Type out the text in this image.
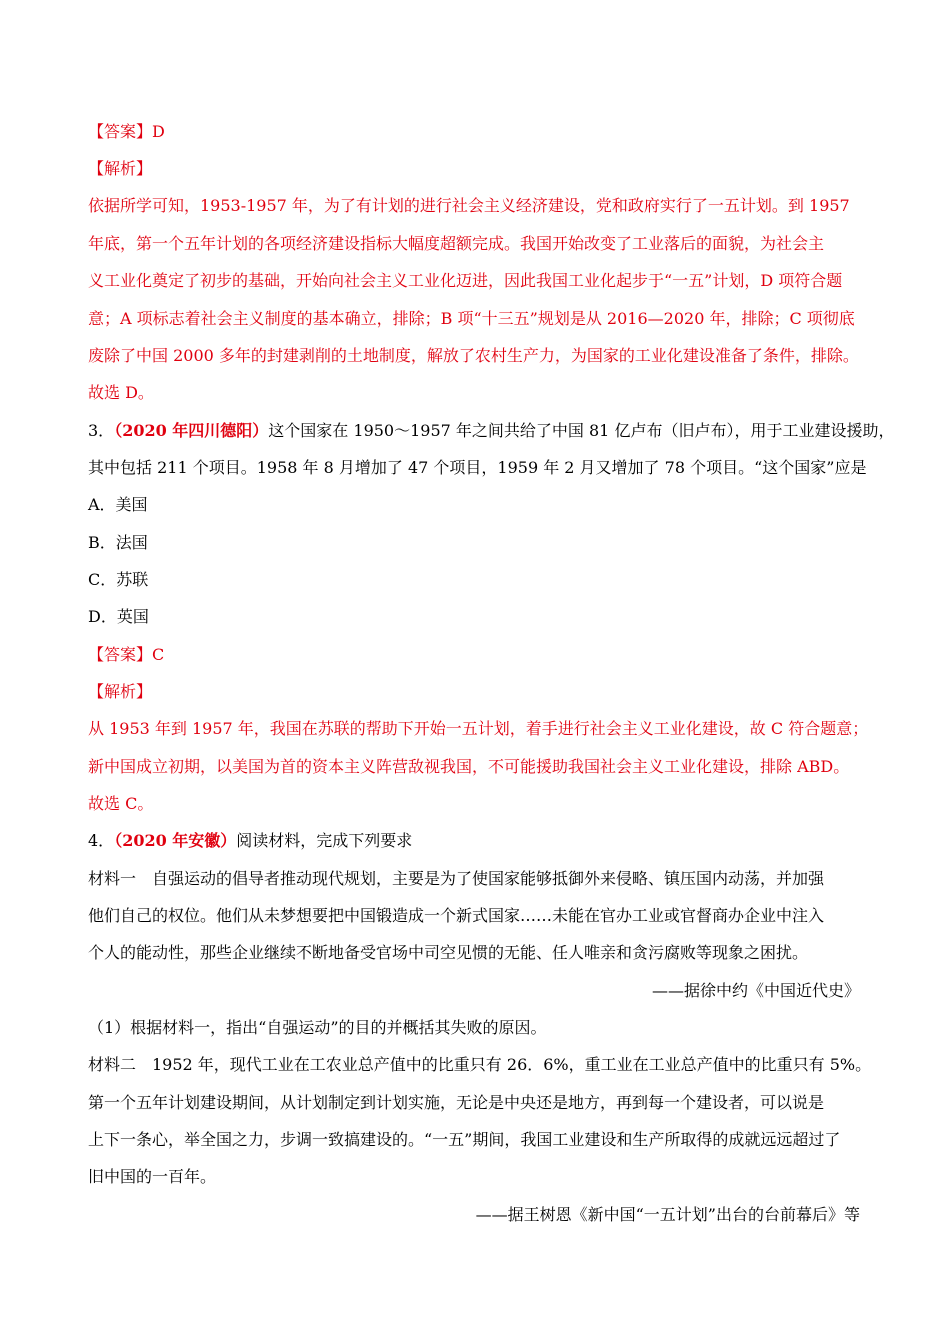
【答案】D
【解析】
依据所学可知，1953-1957 年，为了有计划的进行社会主义经济建设，党和政府实行了一五计划。到 1957
年底，第一个五年计划的各项经济建设指标大幅度超额完成。我国开始改变了工业落后的面貌，为社会主
义工业化奠定了初步的基础，开始向社会主义工业化迈进，因此我国工业化起步于“一五”计划，D 项符合题
意；A 项标志着社会主义制度的基本确立，排除；B 项“十三五”规划是从 2016—2020 年，排除；C 项彻底
废除了中国 2000 多年的封建剥削的土地制度，解放了农村生产力，为国家的工业化建设准备了条件，排除。
故选 D。
3．（2020 年四川德阳）这个国家在 1950～1957 年之间共给了中国 81 亿卢布（旧卢布），用于工业建设援助，
其中包括 211 个项目。1958 年 8 月增加了 47 个项目，1959 年 2 月又增加了 78 个项目。“这个国家”应是
A．美国
B．法国
C．苏联
D．英国
【答案】C
【解析】
从 1953 年到 1957 年，我国在苏联的帮助下开始一五计划，着手进行社会主义工业化建设，故 C 符合题意；
新中国成立初期，以美国为首的资本主义阵营敌视我国，不可能援助我国社会主义工业化建设，排除 ABD。
故选 C。
4．（2020 年安徽）阅读材料，完成下列要求
材料一　自强运动的倡导者推动现代规划，主要是为了使国家能够抵御外来侵略、镇压国内动荡，并加强
他们自己的权位。他们从未梦想要把中国锻造成一个新式国家……未能在官办工业或官督商办企业中注入
个人的能动性，那些企业继续不断地备受官场中司空见惯的无能、任人唯亲和贪污腐败等现象之困扰。
——据徐中约《中国近代史》
（1）根据材料一，指出“自强运动”的目的并概括其失败的原因。
材料二　1952 年，现代工业在工农业总产值中的比重只有 26．6%，重工业在工业总产值中的比重只有 5%。
第一个五年计划建设期间，从计划制定到计划实施，无论是中央还是地方，再到每一个建设者，可以说是
上下一条心，举全国之力，步调一致搞建设的。“一五”期间，我国工业建设和生产所取得的成就远远超过了
旧中国的一百年。
——据王树恩《新中国“一五计划”出台的台前幕后》等
